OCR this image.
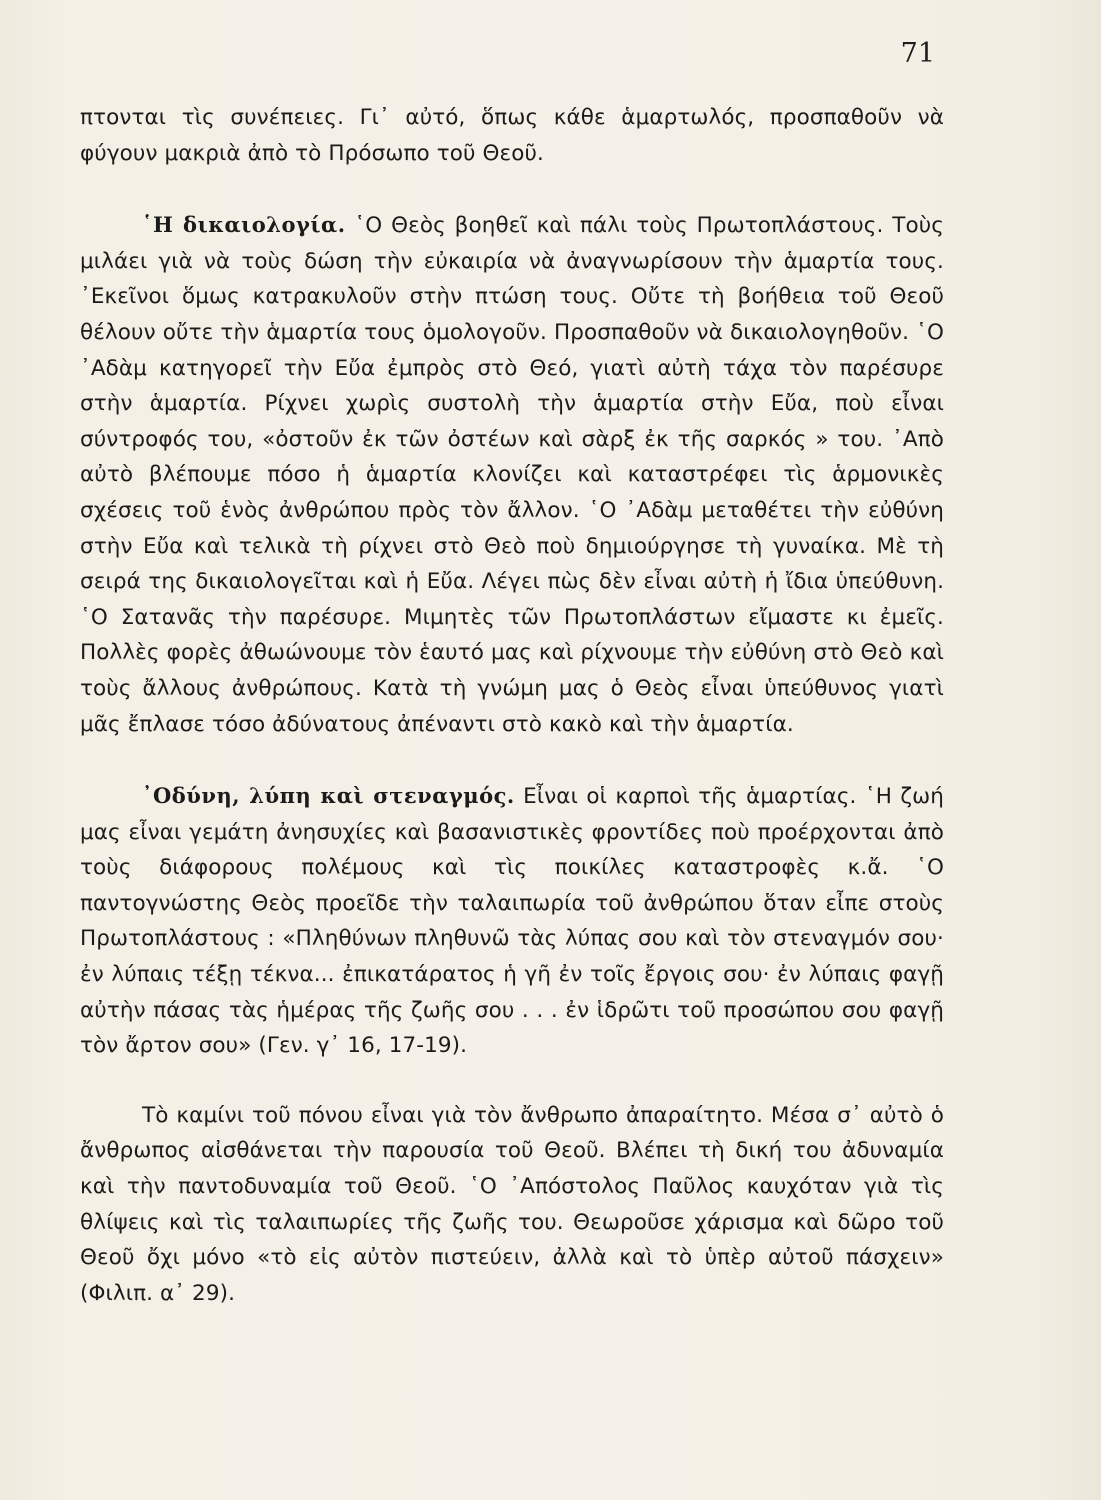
71

πτονται τὶς συνέπειες. Γι᾽ αὐτό, ὅπως κάθε ἁμαρτωλός, προσπαθοῦν νὰ φύγουν μακριὰ ἀπὸ τὸ Πρόσωπο τοῦ Θεοῦ.

῾Η δικαιολογία. ῾Ο Θεὸς βοηθεῖ καὶ πάλι τοὺς Πρωτοπλάστους. Τοὺς μιλάει γιὰ νὰ τοὺς δώση τὴν εὐκαιρία νὰ ἀναγνωρίσουν τὴν ἁμαρτία τους. ᾽Εκεῖνοι ὅμως κατρακυλοῦν στὴν πτώση τους. Οὔτε τὴ βοήθεια τοῦ Θεοῦ θέλουν οὔτε τὴν ἁμαρτία τους ὁμολογοῦν. Προσπαθοῦν νὰ δικαιολογηθοῦν. ῾Ο ᾽Αδὰμ κατηγορεῖ τὴν Εὔα ἐμπρὸς στὸ Θεό, γιατὶ αὐτὴ τάχα τὸν παρέσυρε στὴν ἁμαρτία. Ρίχνει χωρὶς συστολὴ τὴν ἁμαρτία στὴν Εὔα, ποὺ εἶναι σύντροφός του, «ὀστοῦν ἐκ τῶν ὀστέων καὶ σὰρξ ἐκ τῆς σαρκός » του. ᾽Απὸ αὐτὸ βλέπουμε πόσο ἡ ἁμαρτία κλονίζει καὶ καταστρέφει τὶς ἁρμονικὲς σχέσεις τοῦ ἑνὸς ἀνθρώπου πρὸς τὸν ἄλλον. ῾Ο ᾽Αδὰμ μεταθέτει τὴν εὐθύνη στὴν Εὔα καὶ τελικὰ τὴ ρίχνει στὸ Θεὸ ποὺ δημιούργησε τὴ γυναίκα. Μὲ τὴ σειρά της δικαιολογεῖται καὶ ἡ Εὔα. Λέγει πὼς δὲν εἶναι αὐτὴ ἡ ἴδια ὑπεύθυνη. ῾Ο Σατανᾶς τὴν παρέσυρε. Μιμητὲς τῶν Πρωτοπλάστων εἴμαστε κι ἐμεῖς. Πολλὲς φορὲς ἀθωώνουμε τὸν ἑαυτό μας καὶ ρίχνουμε τὴν εὐθύνη στὸ Θεὸ καὶ τοὺς ἄλλους ἀνθρώπους. Κατὰ τὴ γνώμη μας ὁ Θεὸς εἶναι ὑπεύθυνος γιατὶ μᾶς ἔπλασε τόσο ἀδύνατους ἀπέναντι στὸ κακὸ καὶ τὴν ἁμαρτία.

᾽Οδύνη, λύπη καὶ στεναγμός. Εἶναι οἱ καρποὶ τῆς ἁμαρτίας. ῾Η ζωή μας εἶναι γεμάτη ἀνησυχίες καὶ βασανιστικὲς φροντίδες ποὺ προέρχονται ἀπὸ τοὺς διάφορους πολέμους καὶ τὶς ποικίλες καταστροφὲς κ.ἄ. ῾Ο παντογνώστης Θεὸς προεῖδε τὴν ταλαιπωρία τοῦ ἀνθρώπου ὅταν εἶπε στοὺς Πρωτοπλάστους : «Πληθύνων πληθυνῶ τὰς λύπας σου καὶ τὸν στεναγμόν σου· ἐν λύπαις τέξῃ τέκνα... ἐπικατάρατος ἡ γῆ ἐν τοῖς ἔργοις σου· ἐν λύπαις φαγῇ αὐτὴν πάσας τὰς ἡμέρας τῆς ζωῆς σου . . . ἐν ἱδρῶτι τοῦ προσώπου σου φαγῇ τὸν ἄρτον σου» (Γεν. γ᾽ 16, 17-19).

Τὸ καμίνι τοῦ πόνου εἶναι γιὰ τὸν ἄνθρωπο ἀπαραίτητο. Μέσα σ᾽ αὐτὸ ὁ ἄνθρωπος αἰσθάνεται τὴν παρουσία τοῦ Θεοῦ. Βλέπει τὴ δική του ἀδυναμία καὶ τὴν παντοδυναμία τοῦ Θεοῦ. ῾Ο ᾽Απόστολος Παῦλος καυχόταν γιὰ τὶς θλίψεις καὶ τὶς ταλαιπωρίες τῆς ζωῆς του. Θεωροῦσε χάρισμα καὶ δῶρο τοῦ Θεοῦ ὄχι μόνο «τὸ εἰς αὐτὸν πιστεύειν, ἀλλὰ καὶ τὸ ὑπὲρ αὐτοῦ πάσχειν» (Φιλιπ. α᾽ 29).
